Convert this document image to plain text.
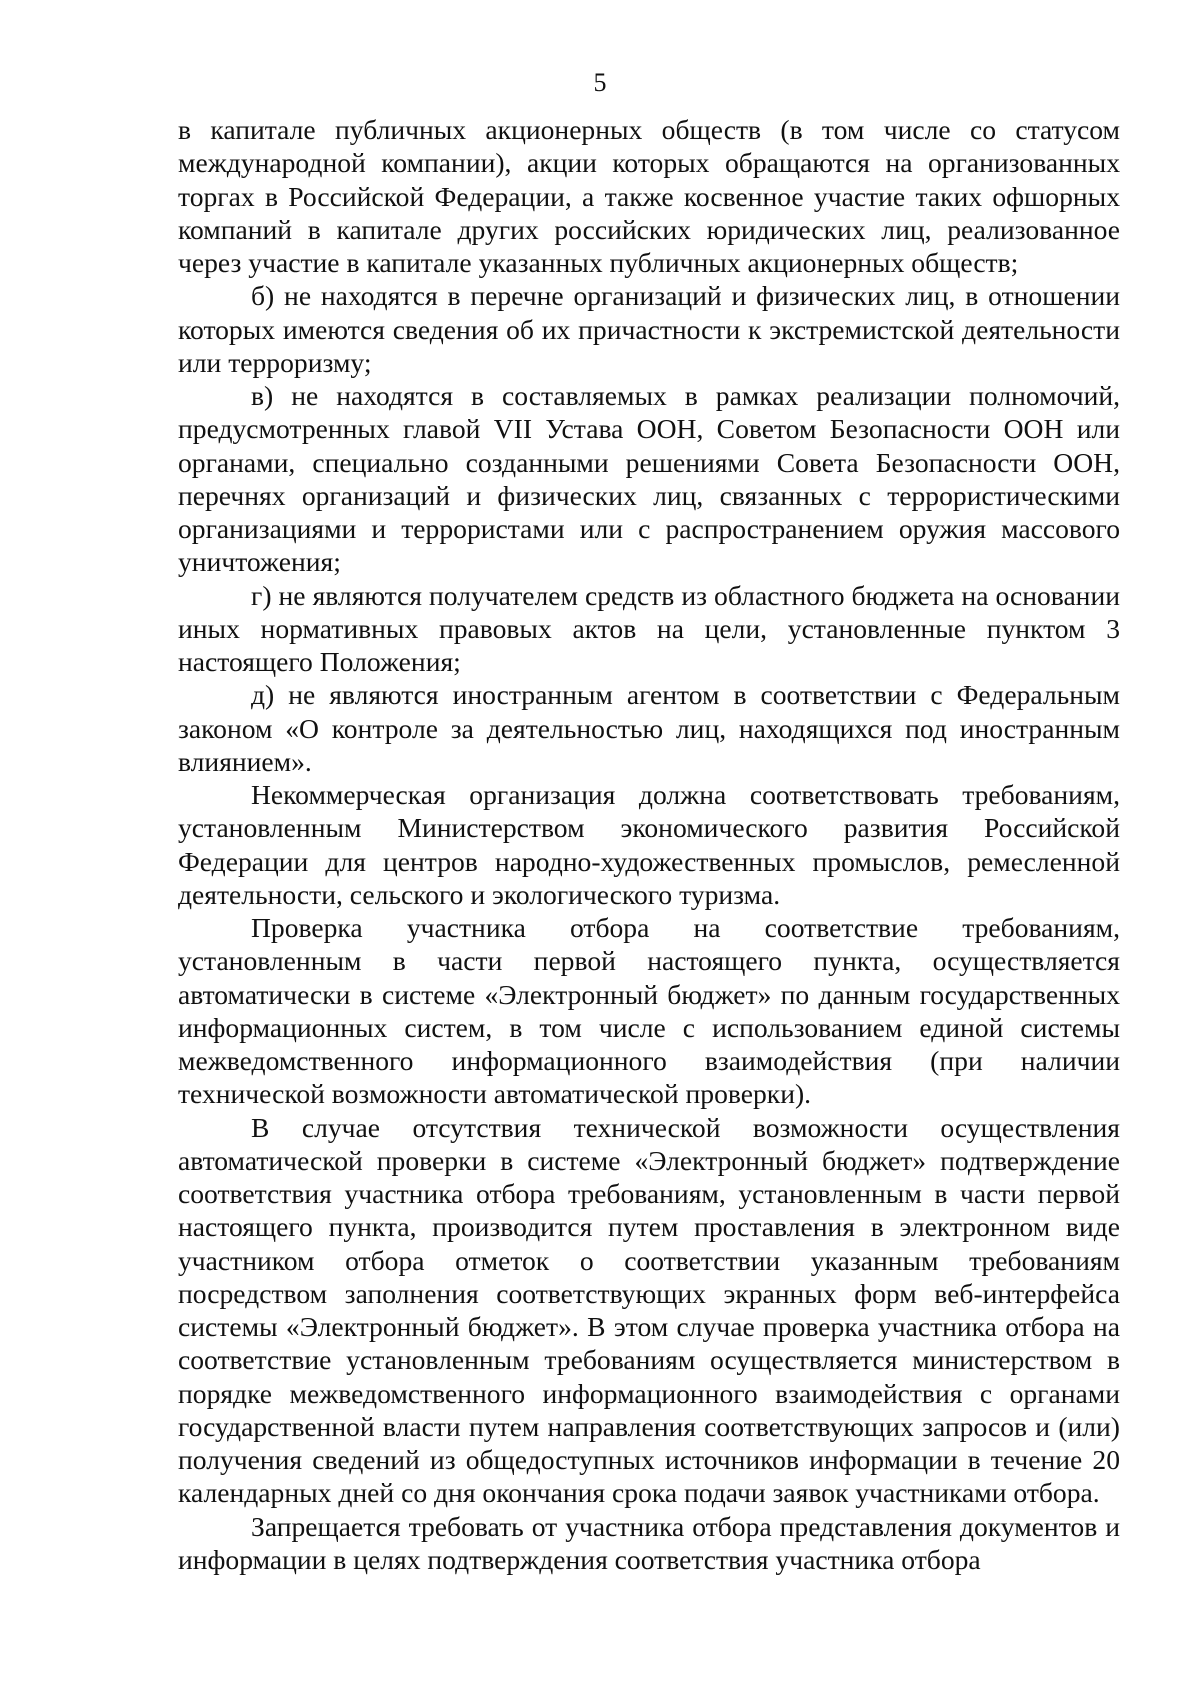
5

в капитале публичных акционерных обществ (в том числе со статусом международной компании), акции которых обращаются на организованных торгах в Российской Федерации, а также косвенное участие таких офшорных компаний в капитале других российских юридических лиц, реализованное через участие в капитале указанных публичных акционерных обществ;

б) не находятся в перечне организаций и физических лиц, в отношении которых имеются сведения об их причастности к экстремистской деятельности или терроризму;

в) не находятся в составляемых в рамках реализации полномочий, предусмотренных главой VII Устава ООН, Советом Безопасности ООН или органами, специально созданными решениями Совета Безопасности ООН, перечнях организаций и физических лиц, связанных с террористическими организациями и террористами или с распространением оружия массового уничтожения;

г) не являются получателем средств из областного бюджета на основании иных нормативных правовых актов на цели, установленные пунктом 3 настоящего Положения;

д) не являются иностранным агентом в соответствии с Федеральным законом «О контроле за деятельностью лиц, находящихся под иностранным влиянием».

Некоммерческая организация должна соответствовать требованиям, установленным Министерством экономического развития Российской Федерации для центров народно-художественных промыслов, ремесленной деятельности, сельского и экологического туризма.

Проверка участника отбора на соответствие требованиям, установленным в части первой настоящего пункта, осуществляется автоматически в системе «Электронный бюджет» по данным государственных информационных систем, в том числе с использованием единой системы межведомственного информационного взаимодействия (при наличии технической возможности автоматической проверки).

В случае отсутствия технической возможности осуществления автоматической проверки в системе «Электронный бюджет» подтверждение соответствия участника отбора требованиям, установленным в части первой настоящего пункта, производится путем проставления в электронном виде участником отбора отметок о соответствии указанным требованиям посредством заполнения соответствующих экранных форм веб-интерфейса системы «Электронный бюджет». В этом случае проверка участника отбора на соответствие установленным требованиям осуществляется министерством в порядке межведомственного информационного взаимодействия с органами государственной власти путем направления соответствующих запросов и (или) получения сведений из общедоступных источников информации в течение 20 календарных дней со дня окончания срока подачи заявок участниками отбора.

Запрещается требовать от участника отбора представления документов и информации в целях подтверждения соответствия участника отбора
